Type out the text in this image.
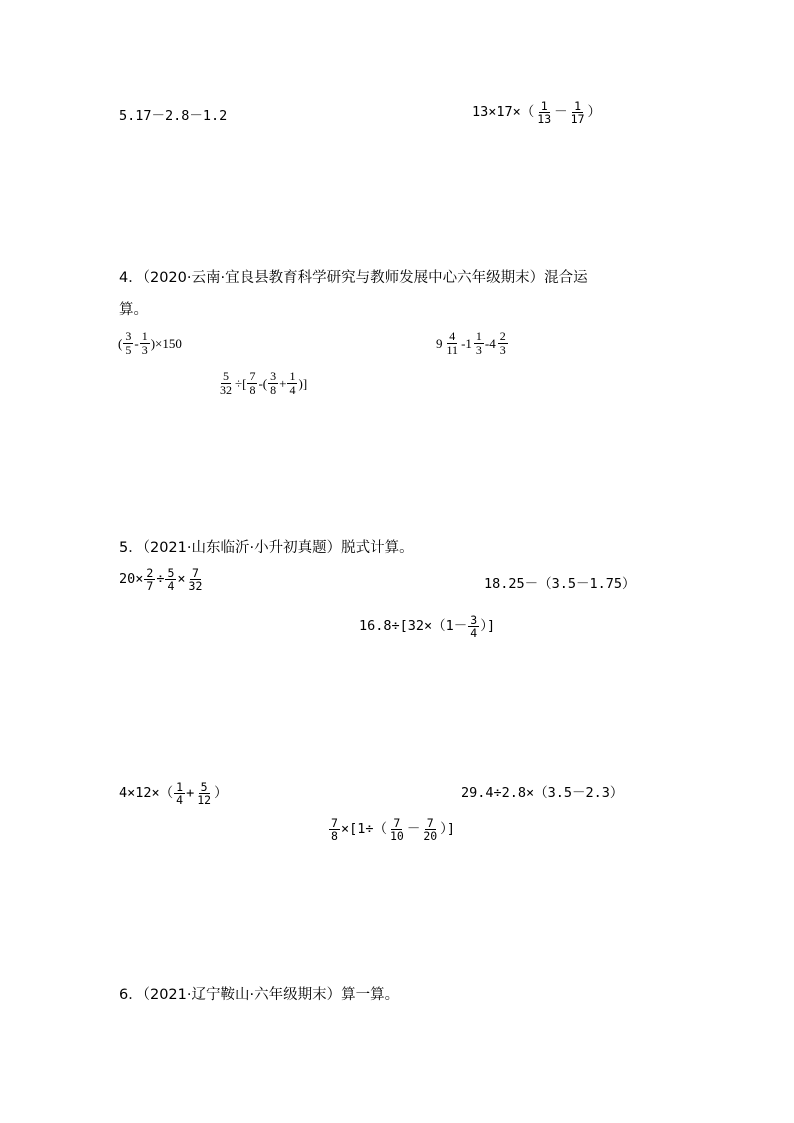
5.17－2.8－1.2	$13\times 17\times( \frac{1}{13} - \frac{1}{17}$ ）
4．（2020·云南·宜良县教育科学研究与教师发展中心六年级期末）混合运
算。
( $\frac{3}{5} - \frac{1}{3} )\times 150$	$9 \frac{4}{11} - 1 \frac{1}{3} - 4 \frac{2}{3}$
$\frac{5}{32}$ ÷[ $\frac{7}{8}$ -( $\frac{3}{8} + \frac{1}{4}$ )]
5．（2021·山东临沂·小升初真题）脱式计算。
$20\times \frac{2}{7} \div \frac{5}{4} \times \frac{7}{32}$	18.25－（3.5－1.75）
$16.8\div[32\times(1- \frac{3}{4}$ ）]
$4\times 12\times( \frac{1}{4} + \frac{5}{12}$ ）	29.4÷2.8×（3.5－2.3）
$\frac{7}{8} \times[1\div( \frac{7}{10} - \frac{7}{20}$ ）]
6．（2021·辽宁鞍山·六年级期末）算一算。
